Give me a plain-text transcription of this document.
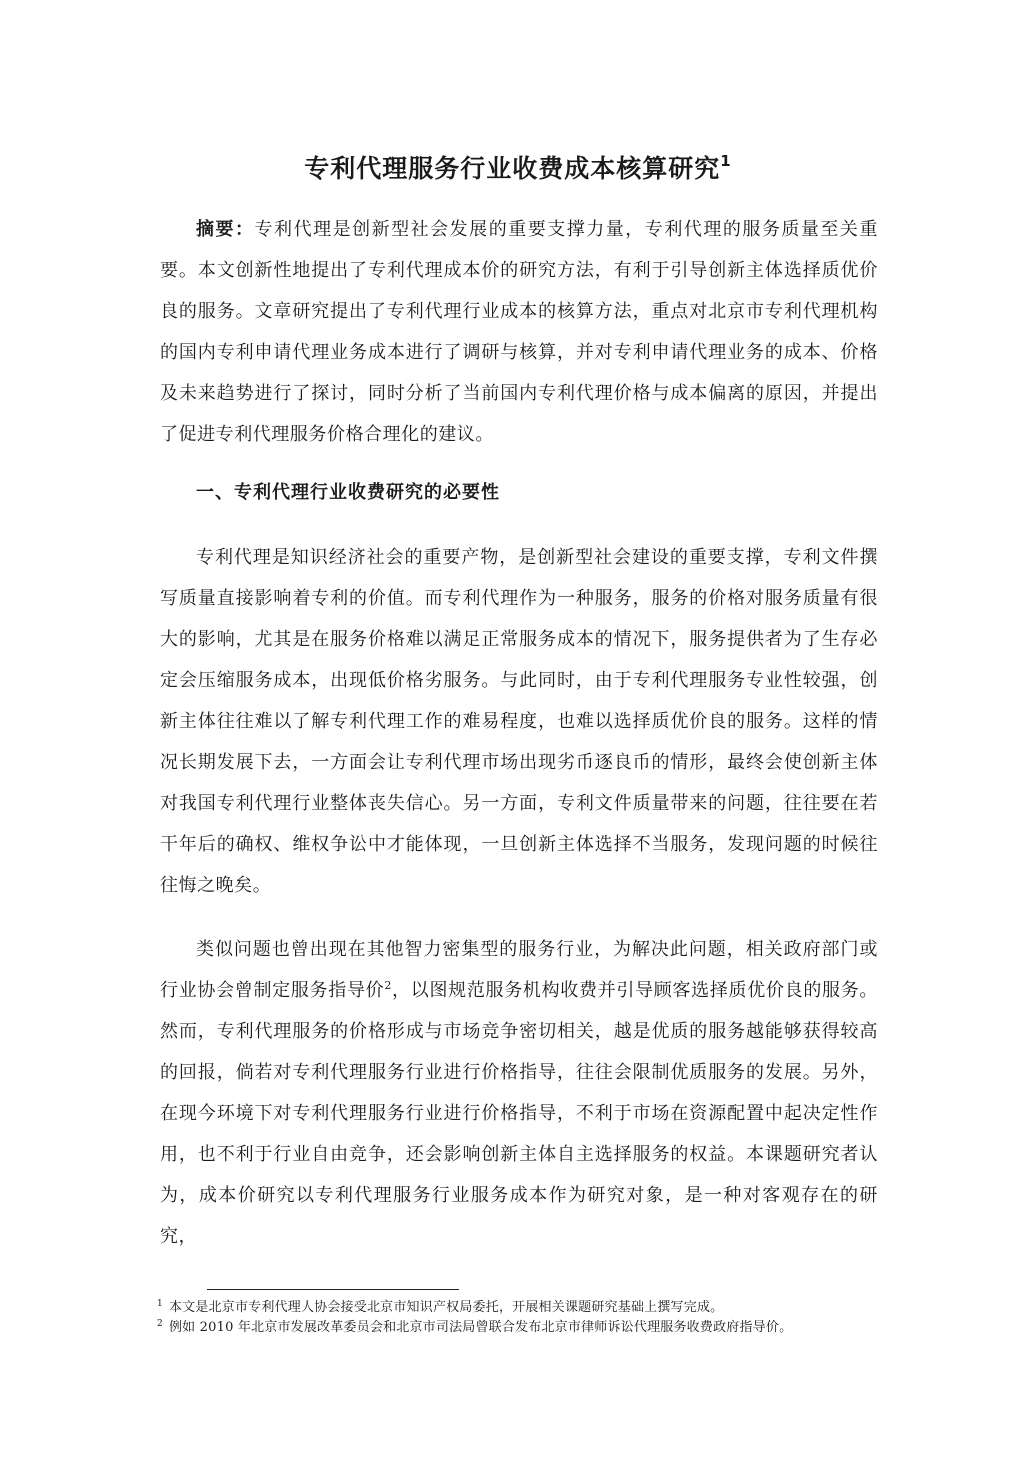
专利代理服务行业收费成本核算研究$^1$

摘要：专利代理是创新型社会发展的重要支撑力量，专利代理的服务质量至关重要。本文创新性地提出了专利代理成本价的研究方法，有利于引导创新主体选择质优价良的服务。文章研究提出了专利代理行业成本的核算方法，重点对北京市专利代理机构的国内专利申请代理业务成本进行了调研与核算，并对专利申请代理业务的成本、价格及未来趋势进行了探讨，同时分析了当前国内专利代理价格与成本偏离的原因，并提出了促进专利代理服务价格合理化的建议。

一、专利代理行业收费研究的必要性

专利代理是知识经济社会的重要产物，是创新型社会建设的重要支撑，专利文件撰写质量直接影响着专利的价值。而专利代理作为一种服务，服务的价格对服务质量有很大的影响，尤其是在服务价格难以满足正常服务成本的情况下，服务提供者为了生存必定会压缩服务成本，出现低价格劣服务。与此同时，由于专利代理服务专业性较强，创新主体往往难以了解专利代理工作的难易程度，也难以选择质优价良的服务。这样的情况长期发展下去，一方面会让专利代理市场出现劣币逐良币的情形，最终会使创新主体对我国专利代理行业整体丧失信心。另一方面，专利文件质量带来的问题，往往要在若干年后的确权、维权争讼中才能体现，一旦创新主体选择不当服务，发现问题的时候往往悔之晚矣。

类似问题也曾出现在其他智力密集型的服务行业，为解决此问题，相关政府部门或行业协会曾制定服务指导价$^2$，以图规范服务机构收费并引导顾客选择质优价良的服务。然而，专利代理服务的价格形成与市场竞争密切相关，越是优质的服务越能够获得较高的回报，倘若对专利代理服务行业进行价格指导，往往会限制优质服务的发展。另外，在现今环境下对专利代理服务行业进行价格指导，不利于市场在资源配置中起决定性作用，也不利于行业自由竞争，还会影响创新主体自主选择服务的权益。本课题研究者认为，成本价研究以专利代理服务行业服务成本作为研究对象，是一种对客观存在的研究，

$^1$ 本文是北京市专利代理人协会接受北京市知识产权局委托，开展相关课题研究基础上撰写完成。
$^2$ 例如 2010 年北京市发展改革委员会和北京市司法局曾联合发布北京市律师诉讼代理服务收费政府指导价。
